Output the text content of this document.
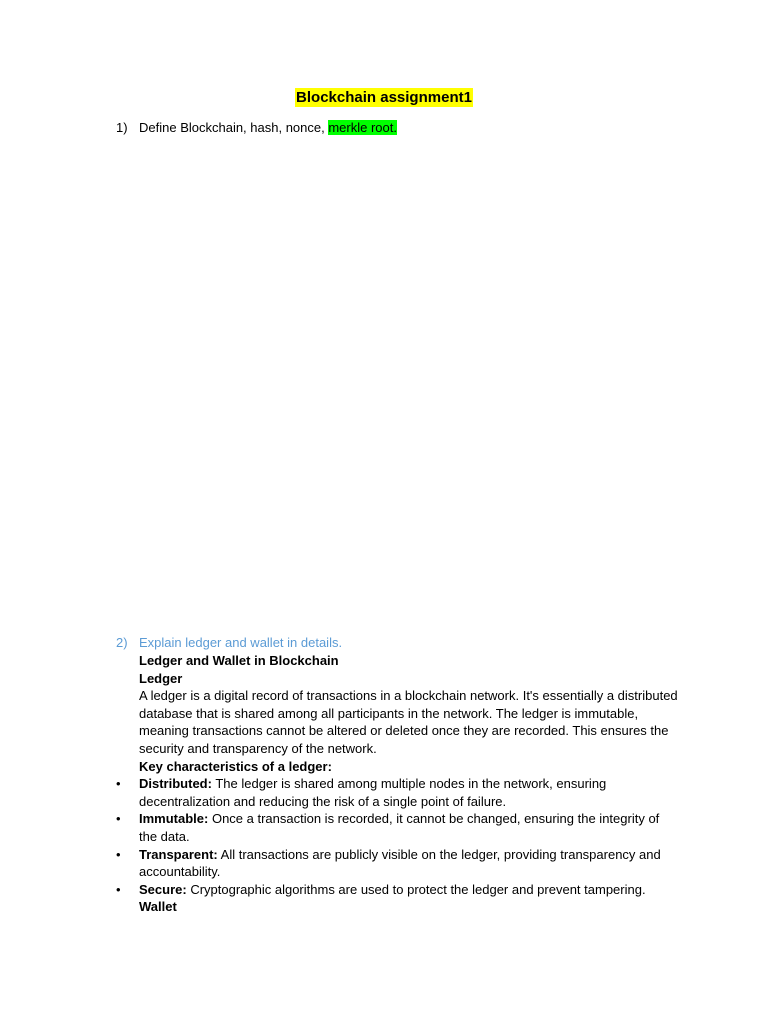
Blockchain assignment1
1) Define Blockchain, hash, nonce, merkle root.
2) Explain ledger and wallet in details.

Ledger and Wallet in Blockchain

Ledger

A ledger is a digital record of transactions in a blockchain network. It's essentially a distributed database that is shared among all participants in the network. The ledger is immutable, meaning transactions cannot be altered or deleted once they are recorded. This ensures the security and transparency of the network.

Key characteristics of a ledger:

• Distributed: The ledger is shared among multiple nodes in the network, ensuring decentralization and reducing the risk of a single point of failure.
• Immutable: Once a transaction is recorded, it cannot be changed, ensuring the integrity of the data.
• Transparent: All transactions are publicly visible on the ledger, providing transparency and accountability.
• Secure: Cryptographic algorithms are used to protect the ledger and prevent tampering.

Wallet
